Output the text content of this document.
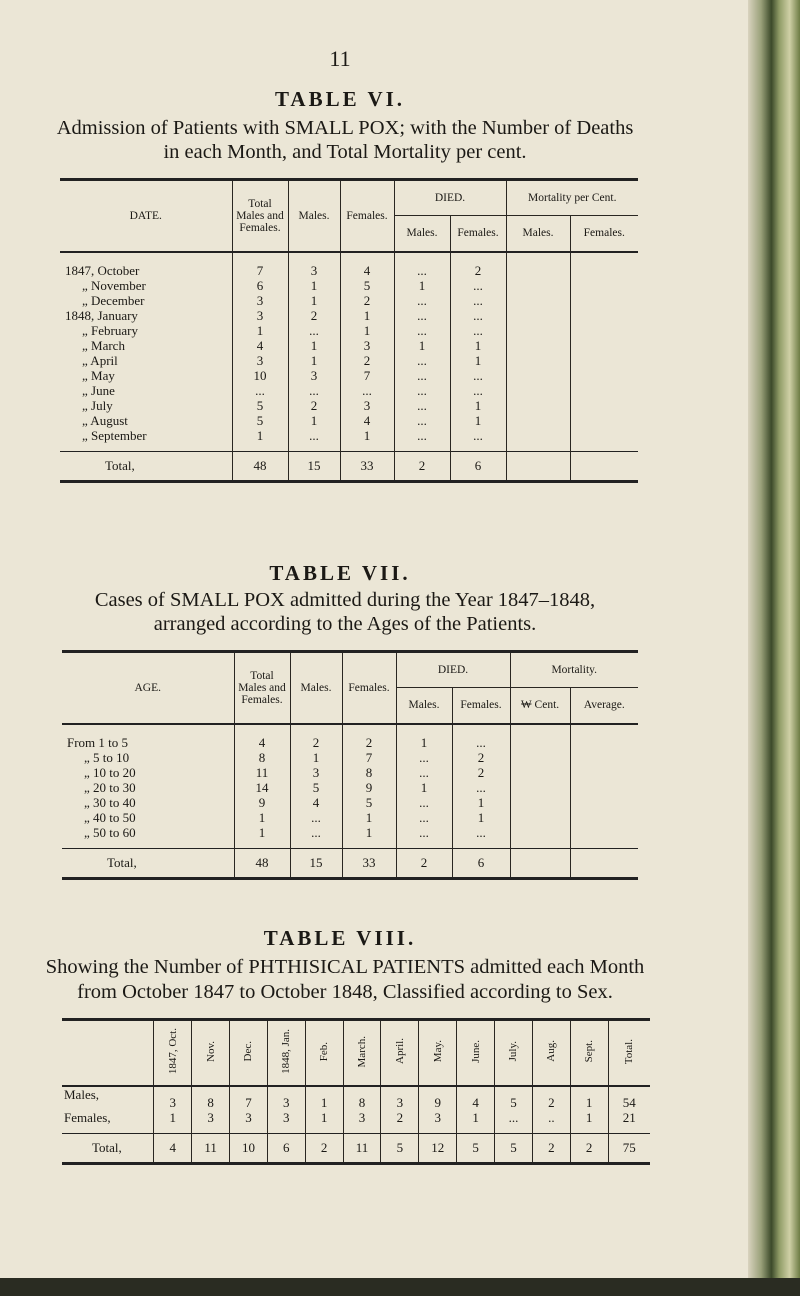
11
TABLE VI.
Admission of Patients with SMALL POX; with the Number of Deaths
in each Month, and Total Mortality per cent.
DATE.	Total Males and Females.	Males.	Females.	DIED.		Mortality per Cent.	
				Males.	Females.	Males.	Females.
1847, October	7	3	4	...	2		
„ November	6	1	5	1	...		
„ December	3	1	2	...	...		
1848, January	3	2	1	...	...		
„ February	1	...	1	...	...		
„ March	4	1	3	1	1		
„ April	3	1	2	...	1		
„ May	10	3	7	...	...		
„ June	...	...	...	...	...		
„ July	5	2	3	...	1		
„ August	5	1	4	...	1		
„ September	1	...	1	...	...		
Total,	48	15	33	2	6		
TABLE VII.
Cases of SMALL POX admitted during the Year 1847–1848,
arranged according to the Ages of the Patients.
AGE.	Total Males and Females.	Males.	Females.	DIED.		Mortality.	
				Males.	Females.	₩ Cent.	Average.
From 1 to 5	4	2	2	1	...		
„ 5 to 10	8	1	7	...	2		
„ 10 to 20	11	3	8	...	2		
„ 20 to 30	14	5	9	1	...		
„ 30 to 40	9	4	5	...	1		
„ 40 to 50	1	...	1	...	1		
„ 50 to 60	1	...	1	...	...		
Total,	48	15	33	2	6		
TABLE VIII.
Showing the Number of PHTHISICAL PATIENTS admitted each Month
from October 1847 to October 1848, Classified according to Sex.
	1847, Oct.	Nov.	Dec.	1848, Jan.	Feb.	March.	April.	May.	June.	July.	Aug.	Sept.	Total.
Males,	3	8	7	3	1	8	3	9	4	5	2	1	54
Females,	1	3	3	3	1	3	2	3	1	...	..	1	21
Total,	4	11	10	6	2	11	5	12	5	5	2	2	75
